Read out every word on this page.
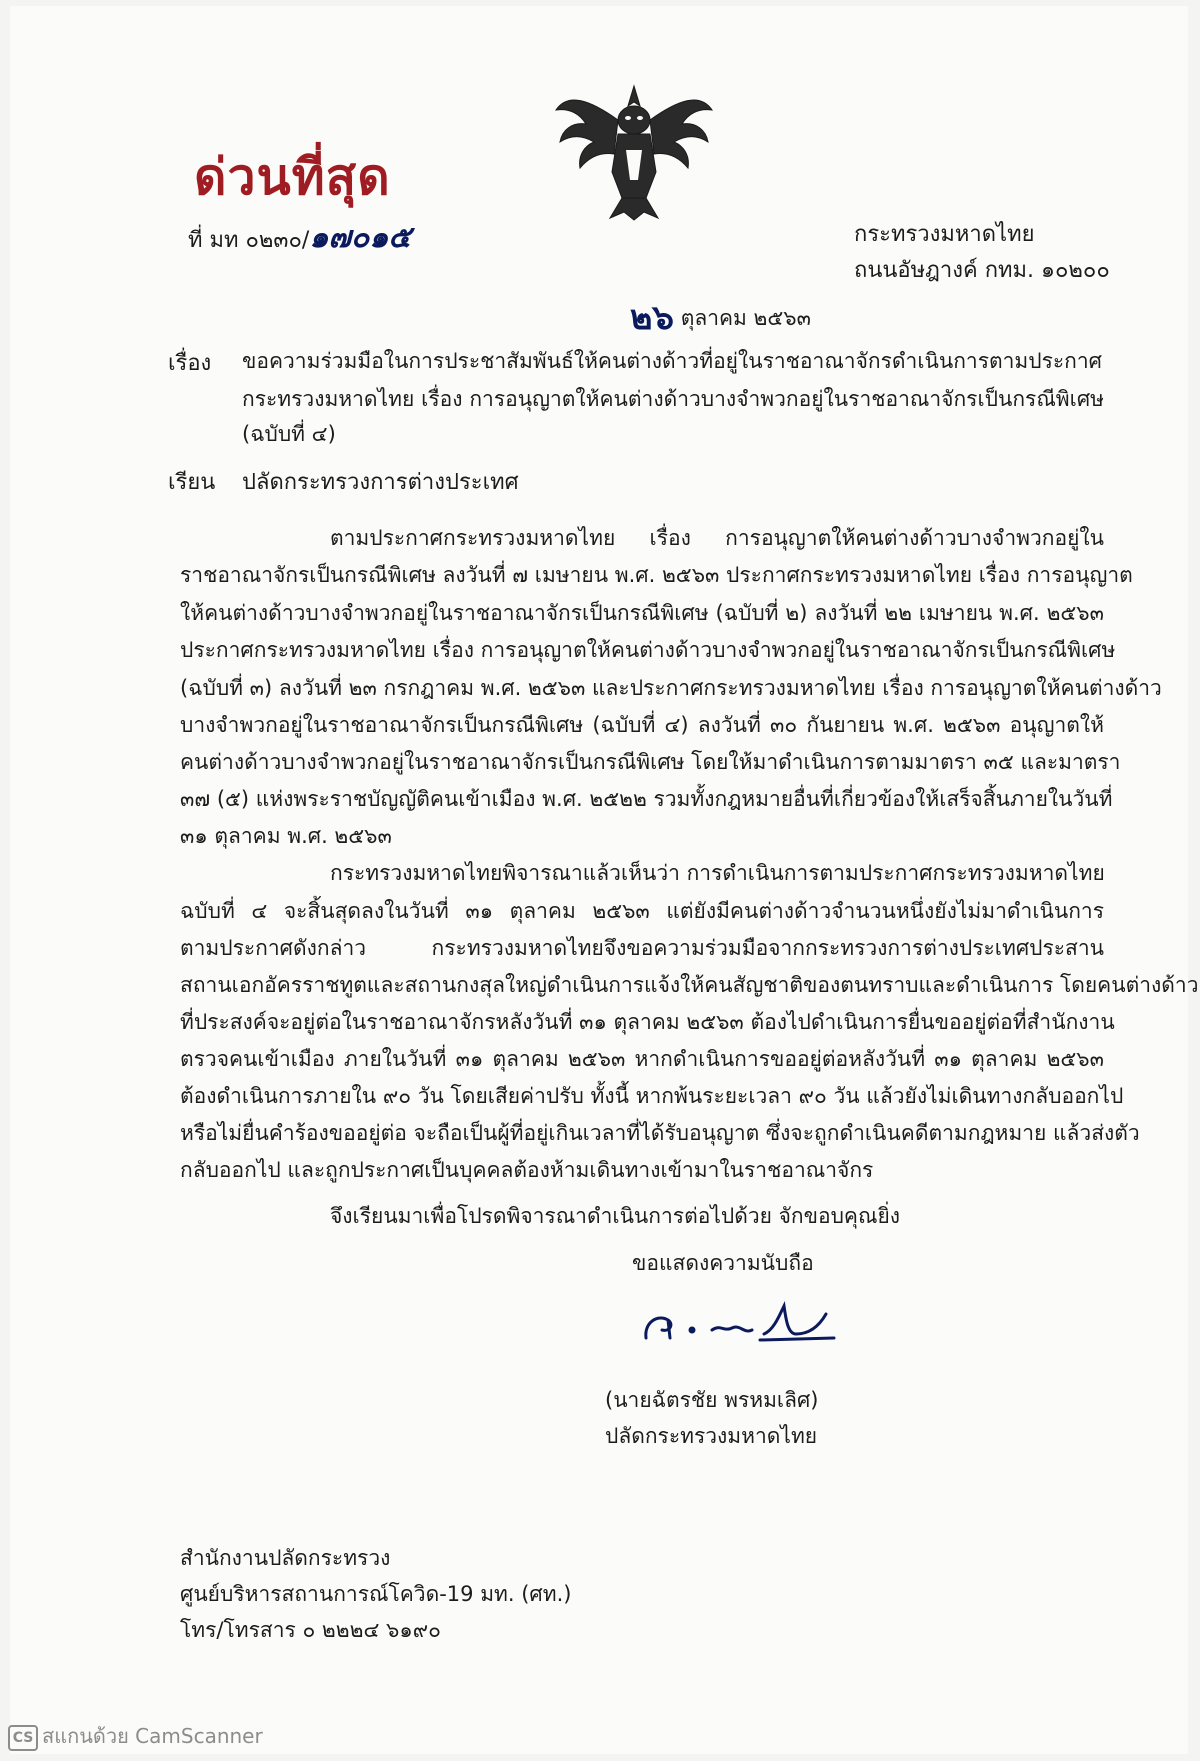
ด่วนที่สุด
ที่ มท ๐๒๓๐/๑๗๐๑๕	กระทรวงมหาดไทย
ถนนอัษฎางค์ กทม. ๑๐๒๐๐
๒๖ ตุลาคม ๒๕๖๓
เรื่อง ขอความร่วมมือในการประชาสัมพันธ์ให้คนต่างด้าวที่อยู่ในราชอาณาจักรดำเนินการตามประกาศ
กระทรวงมหาดไทย เรื่อง การอนุญาตให้คนต่างด้าวบางจำพวกอยู่ในราชอาณาจักรเป็นกรณีพิเศษ
(ฉบับที่ ๔)
เรียน ปลัดกระทรวงการต่างประเทศ
ตามประกาศกระทรวงมหาดไทย เรื่อง การอนุญาตให้คนต่างด้าวบางจำพวกอยู่ใน
ราชอาณาจักรเป็นกรณีพิเศษ ลงวันที่ ๗ เมษายน พ.ศ. ๒๕๖๓ ประกาศกระทรวงมหาดไทย เรื่อง การอนุญาต
ให้คนต่างด้าวบางจำพวกอยู่ในราชอาณาจักรเป็นกรณีพิเศษ (ฉบับที่ ๒) ลงวันที่ ๒๒ เมษายน พ.ศ. ๒๕๖๓
ประกาศกระทรวงมหาดไทย เรื่อง การอนุญาตให้คนต่างด้าวบางจำพวกอยู่ในราชอาณาจักรเป็นกรณีพิเศษ
(ฉบับที่ ๓) ลงวันที่ ๒๓ กรกฎาคม พ.ศ. ๒๕๖๓ และประกาศกระทรวงมหาดไทย เรื่อง การอนุญาตให้คนต่างด้าว
บางจำพวกอยู่ในราชอาณาจักรเป็นกรณีพิเศษ (ฉบับที่ ๔) ลงวันที่ ๓๐ กันยายน พ.ศ. ๒๕๖๓ อนุญาตให้
คนต่างด้าวบางจำพวกอยู่ในราชอาณาจักรเป็นกรณีพิเศษ โดยให้มาดำเนินการตามมาตรา ๓๕ และมาตรา
๓๗ (๕) แห่งพระราชบัญญัติคนเข้าเมือง พ.ศ. ๒๕๒๒ รวมทั้งกฎหมายอื่นที่เกี่ยวข้องให้เสร็จสิ้นภายในวันที่
๓๑ ตุลาคม พ.ศ. ๒๕๖๓
กระทรวงมหาดไทยพิจารณาแล้วเห็นว่า การดำเนินการตามประกาศกระทรวงมหาดไทย
ฉบับที่ ๔ จะสิ้นสุดลงในวันที่ ๓๑ ตุลาคม ๒๕๖๓ แต่ยังมีคนต่างด้าวจำนวนหนึ่งยังไม่มาดำเนินการ
ตามประกาศดังกล่าว กระทรวงมหาดไทยจึงขอความร่วมมือจากกระทรวงการต่างประเทศประสาน
สถานเอกอัครราชทูตและสถานกงสุลใหญ่ดำเนินการแจ้งให้คนสัญชาติของตนทราบและดำเนินการ โดยคนต่างด้าว
ที่ประสงค์จะอยู่ต่อในราชอาณาจักรหลังวันที่ ๓๑ ตุลาคม ๒๕๖๓ ต้องไปดำเนินการยื่นขออยู่ต่อที่สำนักงาน
ตรวจคนเข้าเมือง ภายในวันที่ ๓๑ ตุลาคม ๒๕๖๓ หากดำเนินการขออยู่ต่อหลังวันที่ ๓๑ ตุลาคม ๒๕๖๓
ต้องดำเนินการภายใน ๙๐ วัน โดยเสียค่าปรับ ทั้งนี้ หากพ้นระยะเวลา ๙๐ วัน แล้วยังไม่เดินทางกลับออกไป
หรือไม่ยื่นคำร้องขออยู่ต่อ จะถือเป็นผู้ที่อยู่เกินเวลาที่ได้รับอนุญาต ซึ่งจะถูกดำเนินคดีตามกฎหมาย แล้วส่งตัว
กลับออกไป และถูกประกาศเป็นบุคคลต้องห้ามเดินทางเข้ามาในราชอาณาจักร
จึงเรียนมาเพื่อโปรดพิจารณาดำเนินการต่อไปด้วย จักขอบคุณยิ่ง
ขอแสดงความนับถือ
(นายฉัตรชัย พรหมเลิศ)
ปลัดกระทรวงมหาดไทย
สำนักงานปลัดกระทรวง
ศูนย์บริหารสถานการณ์โควิด-19 มท. (ศท.)
โทร/โทรสาร ๐ ๒๒๒๔ ๖๑๙๐
CS สแกนด้วย CamScanner
